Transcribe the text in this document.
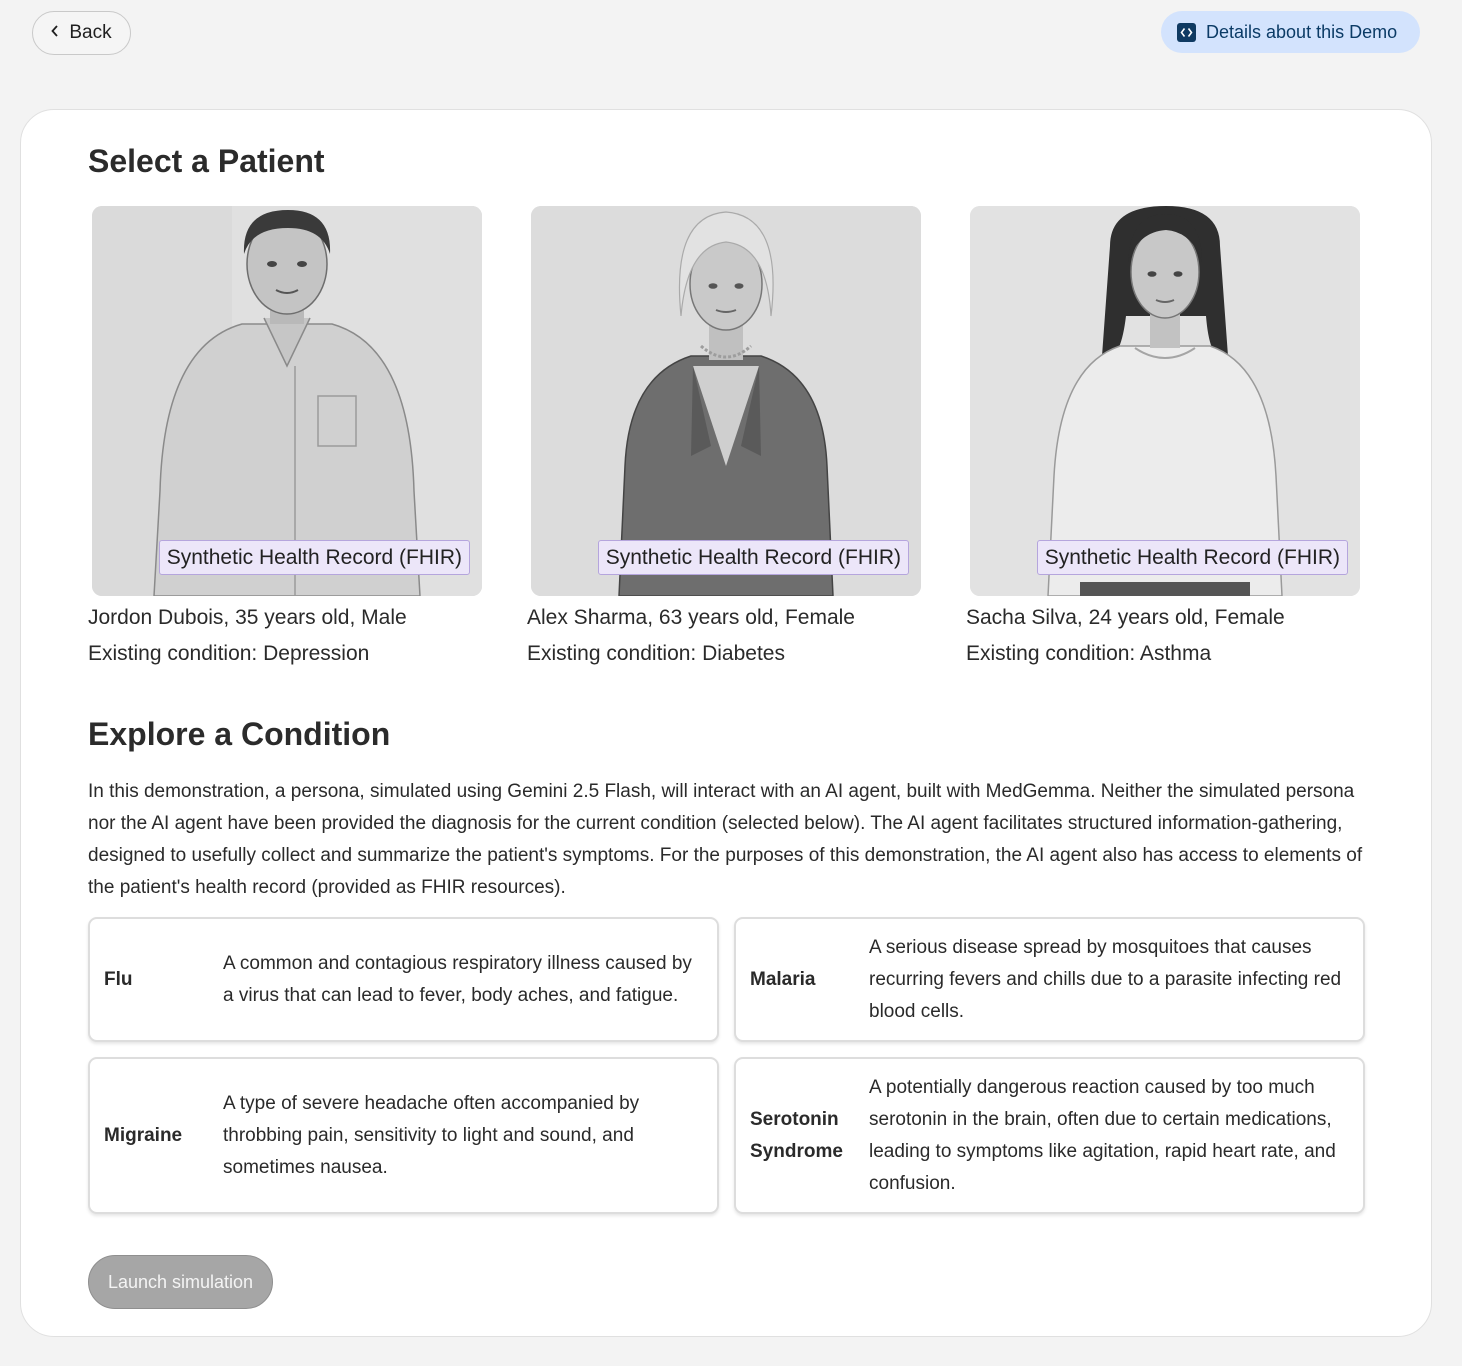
Back	Details about this Demo
Select a Patient
Synthetic Health Record (FHIR)
Jordon Dubois, 35 years old, Male
Existing condition: Depression
Synthetic Health Record (FHIR)
Alex Sharma, 63 years old, Female
Existing condition: Diabetes
Synthetic Health Record (FHIR)
Sacha Silva, 24 years old, Female
Existing condition: Asthma
Explore a Condition

In this demonstration, a persona, simulated using Gemini 2.5 Flash, will interact with an AI agent, built with MedGemma. Neither the simulated persona nor the AI agent have been provided the diagnosis for the current condition (selected below). The AI agent facilitates structured information-gathering, designed to usefully collect and summarize the patient's symptoms. For the purposes of this demonstration, the AI agent also has access to elements of the patient's health record (provided as FHIR resources).

Flu
A common and contagious respiratory illness caused by a virus that can lead to fever, body aches, and fatigue.
Malaria
A serious disease spread by mosquitoes that causes recurring fevers and chills due to a parasite infecting red blood cells.
Migraine
A type of severe headache often accompanied by throbbing pain, sensitivity to light and sound, and sometimes nausea.
Serotonin Syndrome
A potentially dangerous reaction caused by too much serotonin in the brain, often due to certain medications, leading to symptoms like agitation, rapid heart rate, and confusion.
Launch simulation
